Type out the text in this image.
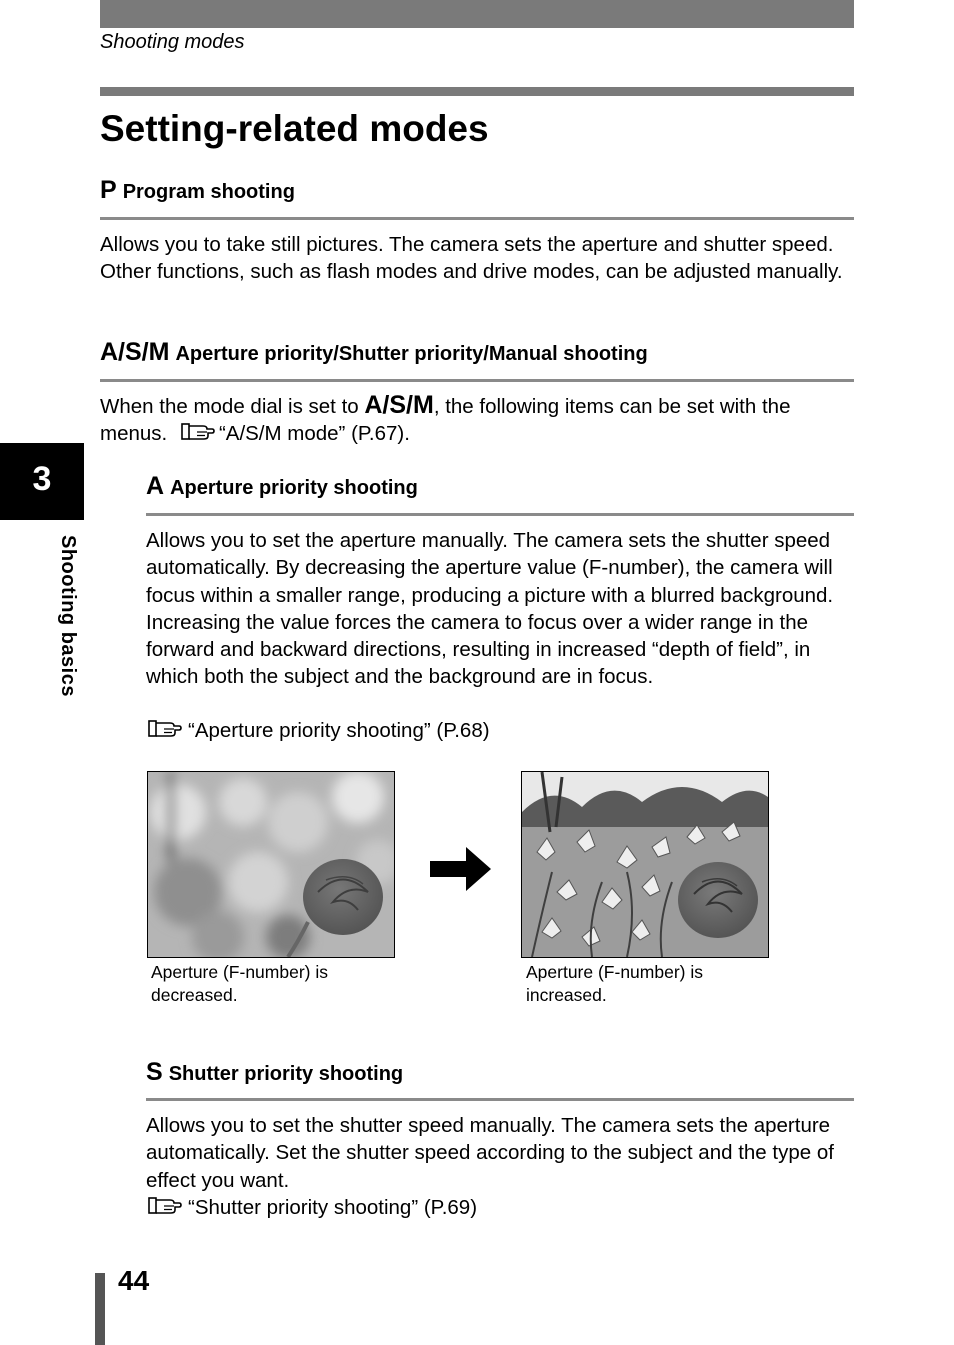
Shooting modes
Setting-related modes
P Program shooting

Allows you to take still pictures. The camera sets the aperture and shutter speed. Other functions, such as flash modes and drive modes, can be adjusted manually.

A/S/M Aperture priority/Shutter priority/Manual shooting

When the mode dial is set to A/S/M, the following items can be set with the menus.	“A/S/M mode” (P.67).

3
Shooting basics
A Aperture priority shooting

Allows you to set the aperture manually. The camera sets the shutter speed automatically. By decreasing the aperture value (F-number), the camera will focus within a smaller range, producing a picture with a blurred background. Increasing the value forces the camera to focus over a wider range in the forward and backward directions, resulting in increased “depth of field”, in which both the subject and the background are in focus.

“Aperture priority shooting” (P.68)

Aperture (F-number) is decreased.

Aperture (F-number) is increased.

S Shutter priority shooting

Allows you to set the shutter speed manually. The camera sets the aperture automatically. Set the shutter speed according to the subject and the type of effect you want.

“Shutter priority shooting” (P.69)

44
